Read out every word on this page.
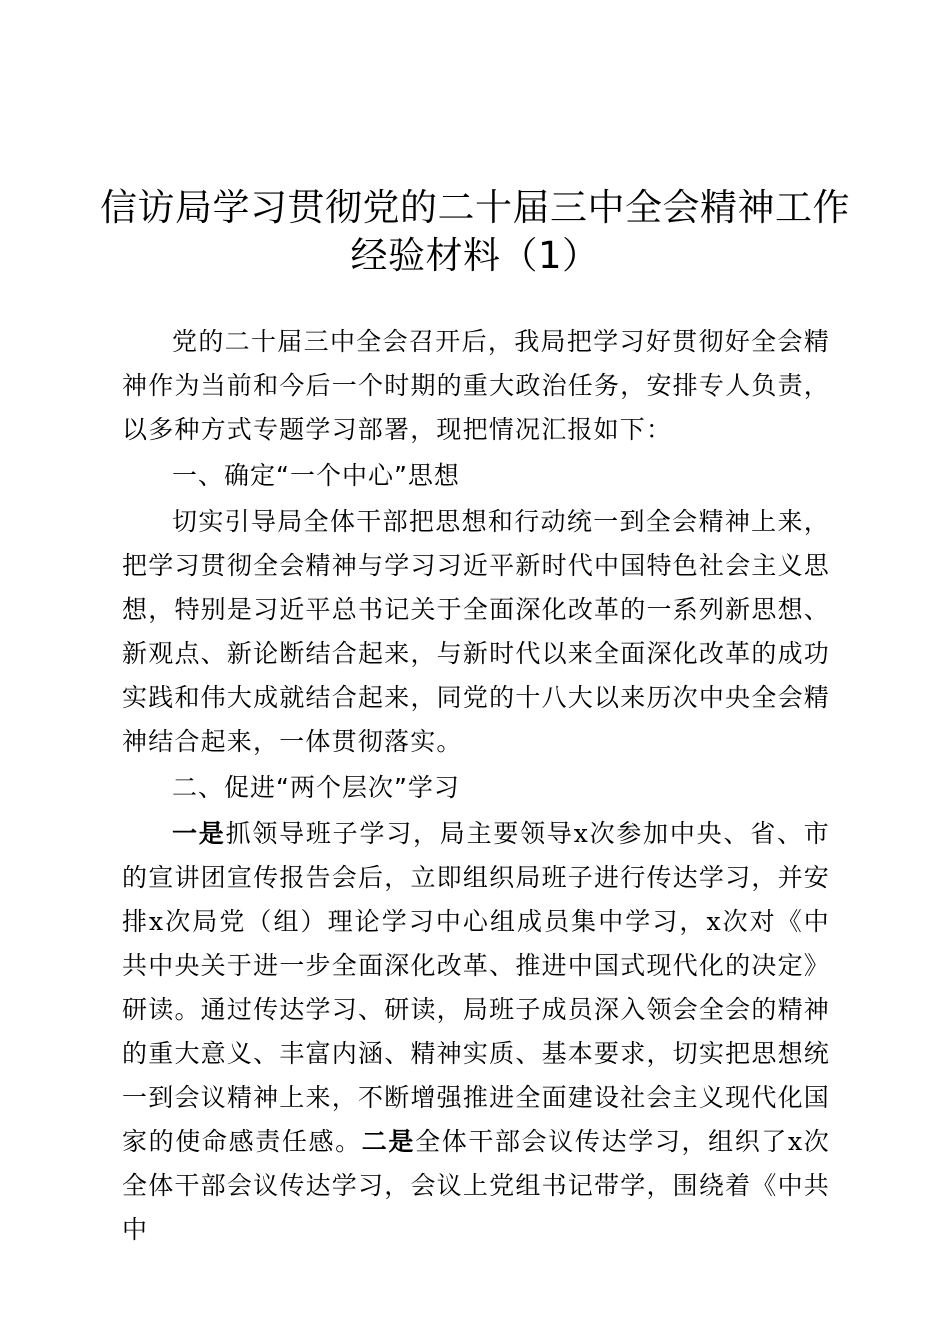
信访局学习贯彻党的二十届三中全会精神工作
经验材料（1）

党的二十届三中全会召开后，我局把学习好贯彻好全会精神作为当前和今后一个时期的重大政治任务，安排专人负责，以多种方式专题学习部署，现把情况汇报如下：

一、确定“一个中心”思想

切实引导局全体干部把思想和行动统一到全会精神上来，把学习贯彻全会精神与学习习近平新时代中国特色社会主义思想，特别是习近平总书记关于全面深化改革的一系列新思想、新观点、新论断结合起来，与新时代以来全面深化改革的成功实践和伟大成就结合起来，同党的十八大以来历次中央全会精神结合起来，一体贯彻落实。

二、促进“两个层次”学习

一是抓领导班子学习，局主要领导x次参加中央、省、市的宣讲团宣传报告会后，立即组织局班子进行传达学习，并安排x次局党（组）理论学习中心组成员集中学习，x次对《中共中央关于进一步全面深化改革、推进中国式现代化的决定》研读。通过传达学习、研读，局班子成员深入领会全会的精神的重大意义、丰富内涵、精神实质、基本要求，切实把思想统一到会议精神上来，不断增强推进全面建设社会主义现代化国家的使命感责任感。二是全体干部会议传达学习，组织了x次全体干部会议传达学习，会议上党组书记带学，围绕着《中共中
